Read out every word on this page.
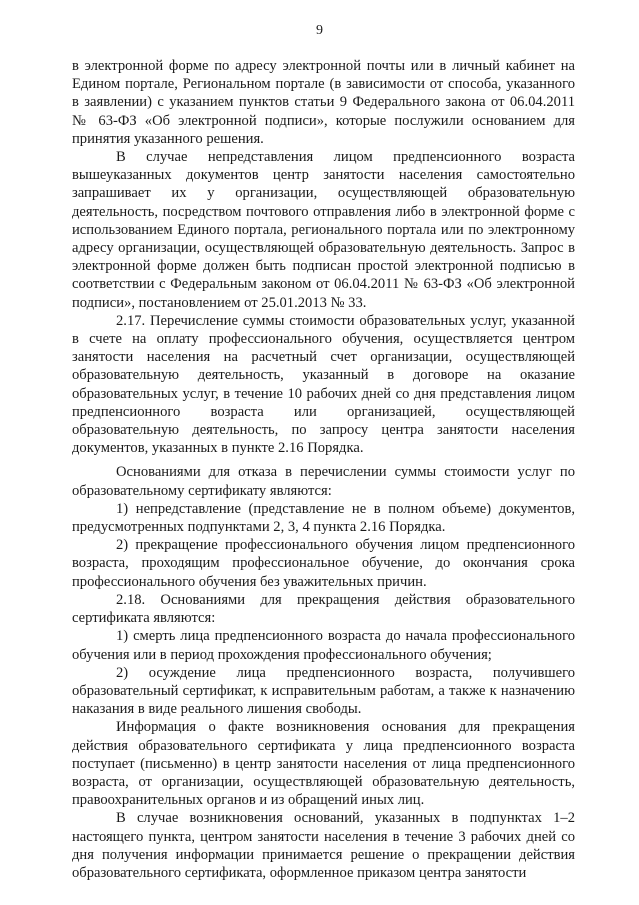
9

в электронной форме по адресу электронной почты или в личный кабинет на Едином портале, Региональном портале (в зависимости от способа, указанного в заявлении) с указанием пунктов статьи 9 Федерального закона от 06.04.2011 № 63-ФЗ «Об электронной подписи», которые послужили основанием для принятия указанного решения.

В случае непредставления лицом предпенсионного возраста вышеуказанных документов центр занятости населения самостоятельно запрашивает их у организации, осуществляющей образовательную деятельность, посредством почтового отправления либо в электронной форме с использованием Единого портала, регионального портала или по электронному адресу организации, осуществляющей образовательную деятельность. Запрос в электронной форме должен быть подписан простой электронной подписью в соответствии с Федеральным законом от 06.04.2011 № 63-ФЗ «Об электронной подписи», постановлением от 25.01.2013 № 33.

2.17. Перечисление суммы стоимости образовательных услуг, указанной в счете на оплату профессионального обучения, осуществляется центром занятости населения на расчетный счет организации, осуществляющей образовательную деятельность, указанный в договоре на оказание образовательных услуг, в течение 10 рабочих дней со дня представления лицом предпенсионного возраста или организацией, осуществляющей образовательную деятельность, по запросу центра занятости населения документов, указанных в пункте 2.16 Порядка.

Основаниями для отказа в перечислении суммы стоимости услуг по образовательному сертификату являются:

1) непредставление (представление не в полном объеме) документов, предусмотренных подпунктами 2, 3, 4 пункта 2.16 Порядка.

2) прекращение профессионального обучения лицом предпенсионного возраста, проходящим профессиональное обучение, до окончания срока профессионального обучения без уважительных причин.

2.18. Основаниями для прекращения действия образовательного сертификата являются:

1) смерть лица предпенсионного возраста до начала профессионального обучения или в период прохождения профессионального обучения;

2) осуждение лица предпенсионного возраста, получившего образовательный сертификат, к исправительным работам, а также к назначению наказания в виде реального лишения свободы.

Информация о факте возникновения основания для прекращения действия образовательного сертификата у лица предпенсионного возраста поступает (письменно) в центр занятости населения от лица предпенсионного возраста, от организации, осуществляющей образовательную деятельность, правоохранительных органов и из обращений иных лиц.

В случае возникновения оснований, указанных в подпунктах 1–2 настоящего пункта, центром занятости населения в течение 3 рабочих дней со дня получения информации принимается решение о прекращении действия образовательного сертификата, оформленное приказом центра занятости
